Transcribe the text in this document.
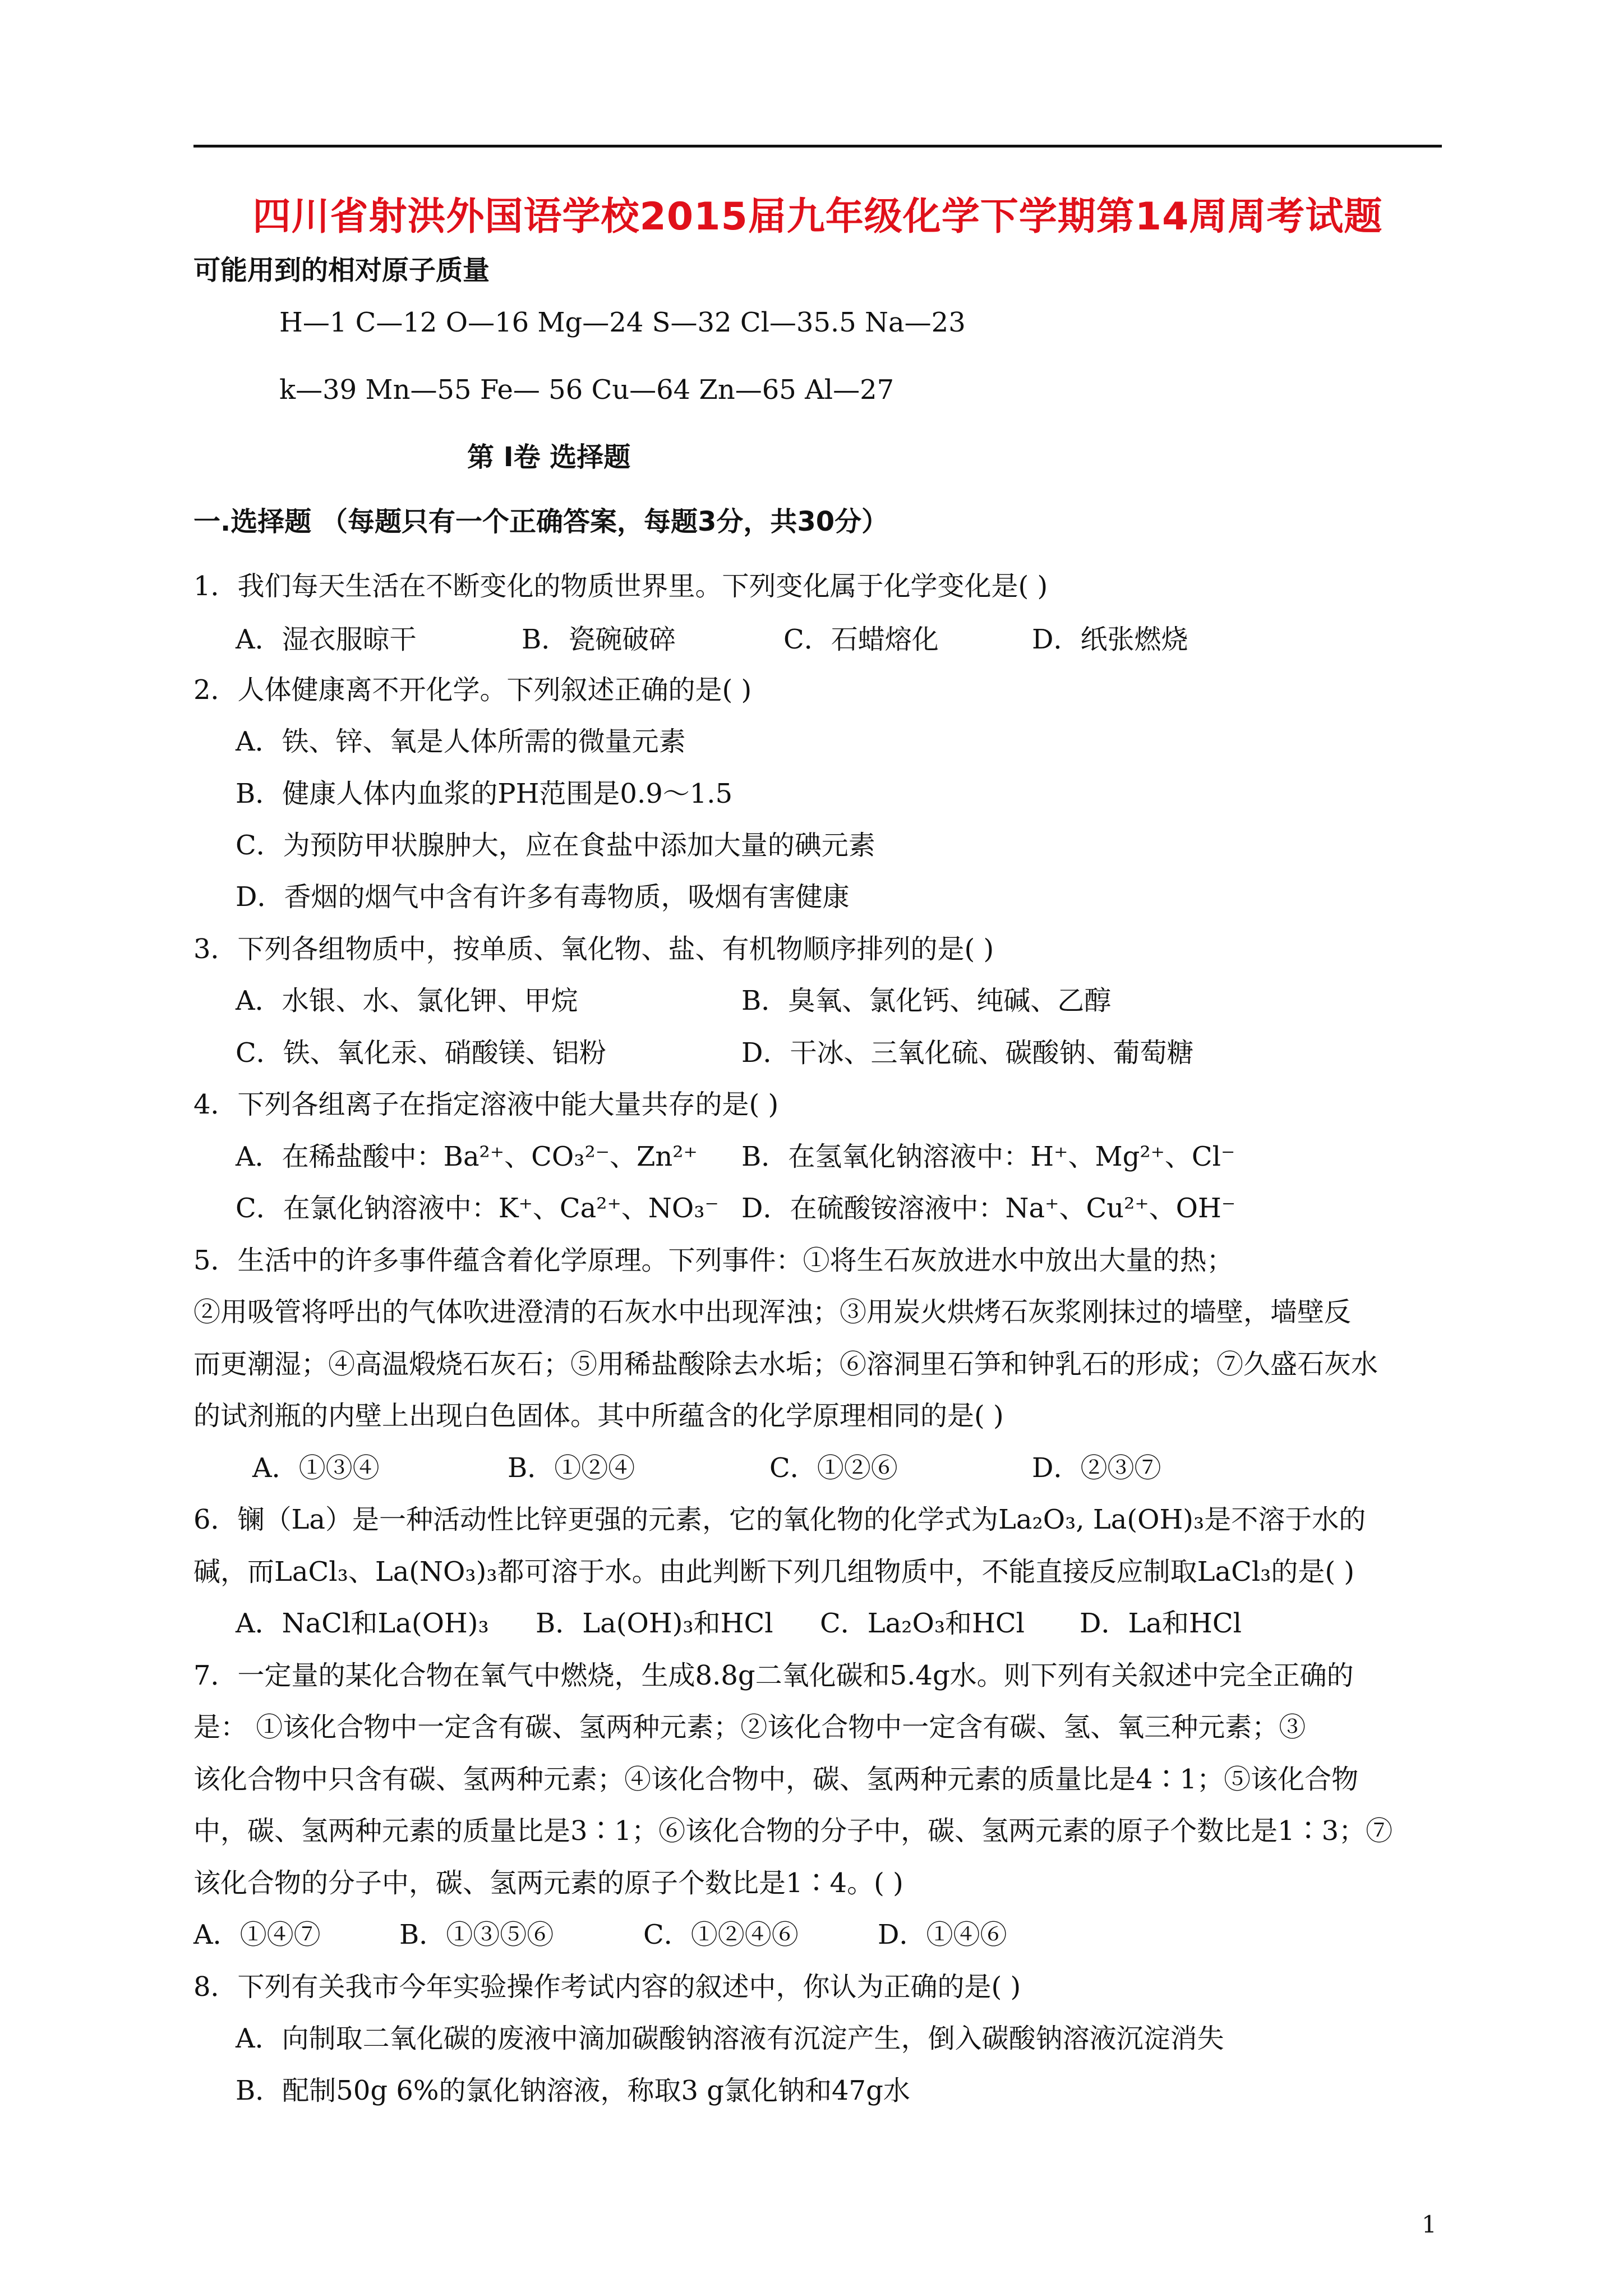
四川省射洪外国语学校2015届九年级化学下学期第14周周考试题
可能用到的相对原子质量
H—1 C—12 O—16 Mg—24 S—32 Cl—35.5 Na—23
k—39 Mn—55 Fe— 56 Cu—64 Zn—65 Al—27
第 I卷 选择题
一.选择题 （每题只有一个正确答案，每题3分，共30分）
1．我们每天生活在不断变化的物质世界里。下列变化属于化学变化是( )
A．湿衣服晾干	B．瓷碗破碎	C．石蜡熔化	D．纸张燃烧
2．人体健康离不开化学。下列叙述正确的是( )
A．铁、锌、氧是人体所需的微量元素
B．健康人体内血浆的PH范围是0.9～1.5
C．为预防甲状腺肿大，应在食盐中添加大量的碘元素
D．香烟的烟气中含有许多有毒物质，吸烟有害健康
3．下列各组物质中，按单质、氧化物、盐、有机物顺序排列的是( )
A．水银、水、氯化钾、甲烷	B．臭氧、氯化钙、纯碱、乙醇
C．铁、氧化汞、硝酸镁、铝粉	D．干冰、三氧化硫、碳酸钠、葡萄糖
4．下列各组离子在指定溶液中能大量共存的是( )
A．在稀盐酸中：Ba²⁺、CO₃²⁻、Zn²⁺ B．在氢氧化钠溶液中：H⁺、Mg²⁺、Cl⁻
C．在氯化钠溶液中：K⁺、Ca²⁺、NO₃⁻ D．在硫酸铵溶液中：Na⁺、Cu²⁺、OH⁻
5．生活中的许多事件蕴含着化学原理。下列事件：①将生石灰放进水中放出大量的热；
②用吸管将呼出的气体吹进澄清的石灰水中出现浑浊；③用炭火烘烤石灰浆刚抹过的墙壁，墙壁反
而更潮湿；④高温煅烧石灰石；⑤用稀盐酸除去水垢；⑥溶洞里石笋和钟乳石的形成；⑦久盛石灰水
的试剂瓶的内壁上出现白色固体。其中所蕴含的化学原理相同的是( )
A．①③④	B．①②④	C．①②⑥	D．②③⑦
6．镧（La）是一种活动性比锌更强的元素，它的氧化物的化学式为La₂O₃, La(OH)₃是不溶于水的
碱，而LaCl₃、La(NO₃)₃都可溶于水。由此判断下列几组物质中，不能直接反应制取LaCl₃的是( )
A．NaCl和La(OH)₃ B．La(OH)₃和HCl C．La₂O₃和HCl D．La和HCl
7．一定量的某化合物在氧气中燃烧，生成8.8g二氧化碳和5.4g水。则下列有关叙述中完全正确的
是： ①该化合物中一定含有碳、氢两种元素；②该化合物中一定含有碳、氢、氧三种元素；③
该化合物中只含有碳、氢两种元素；④该化合物中，碳、氢两种元素的质量比是4∶1；⑤该化合物
中，碳、氢两种元素的质量比是3∶1；⑥该化合物的分子中，碳、氢两元素的原子个数比是1∶3；⑦
该化合物的分子中，碳、氢两元素的原子个数比是1∶4。( )
A．①④⑦	B．①③⑤⑥	C．①②④⑥	D．①④⑥
8．下列有关我市今年实验操作考试内容的叙述中，你认为正确的是( )
A．向制取二氧化碳的废液中滴加碳酸钠溶液有沉淀产生，倒入碳酸钠溶液沉淀消失
B．配制50g 6%的氯化钠溶液，称取3 g氯化钠和47g水
1
